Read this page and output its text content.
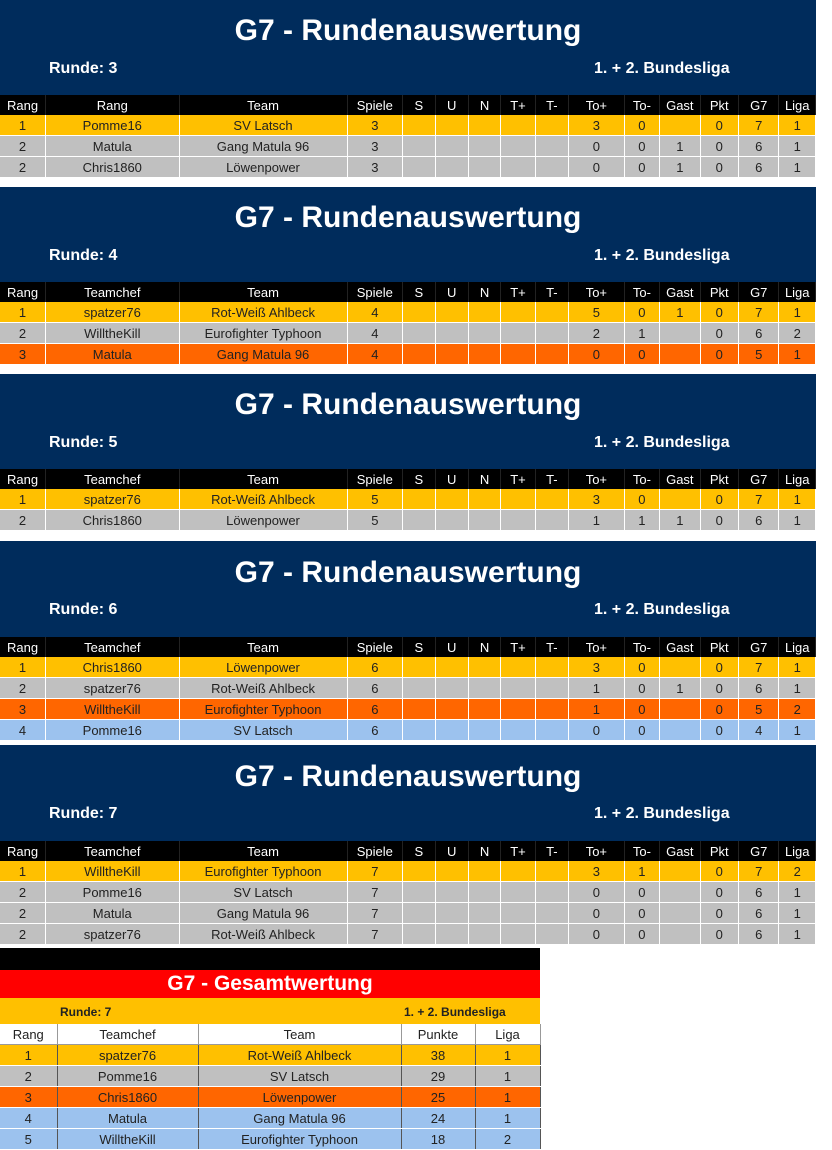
G7 - Rundenauswertung
Runde: 3	1. + 2. Bundesliga
Rang	Rang	Team	Spiele	S	U	N	T+	T-	To+	To-	Gast	Pkt	G7	Liga
1	Pomme16	SV Latsch	3						3	0		0	7	1
2	Matula	Gang Matula 96	3						0	0	1	0	6	1
2	Chris1860	Löwenpower	3						0	0	1	0	6	1
G7 - Rundenauswertung
Runde: 4	1. + 2. Bundesliga
Rang	Teamchef	Team	Spiele	S	U	N	T+	T-	To+	To-	Gast	Pkt	G7	Liga
1	spatzer76	Rot-Weiß Ahlbeck	4						5	0	1	0	7	1
2	WilltheKill	Eurofighter Typhoon	4						2	1		0	6	2
3	Matula	Gang Matula 96	4						0	0		0	5	1
G7 - Rundenauswertung
Runde: 5	1. + 2. Bundesliga
Rang	Teamchef	Team	Spiele	S	U	N	T+	T-	To+	To-	Gast	Pkt	G7	Liga
1	spatzer76	Rot-Weiß Ahlbeck	5						3	0		0	7	1
2	Chris1860	Löwenpower	5						1	1	1	0	6	1
G7 - Rundenauswertung
Runde: 6	1. + 2. Bundesliga
Rang	Teamchef	Team	Spiele	S	U	N	T+	T-	To+	To-	Gast	Pkt	G7	Liga
1	Chris1860	Löwenpower	6						3	0		0	7	1
2	spatzer76	Rot-Weiß Ahlbeck	6						1	0	1	0	6	1
3	WilltheKill	Eurofighter Typhoon	6						1	0		0	5	2
4	Pomme16	SV Latsch	6						0	0		0	4	1
G7 - Rundenauswertung
Runde: 7	1. + 2. Bundesliga
Rang	Teamchef	Team	Spiele	S	U	N	T+	T-	To+	To-	Gast	Pkt	G7	Liga
1	WilltheKill	Eurofighter Typhoon	7						3	1		0	7	2
2	Pomme16	SV Latsch	7						0	0		0	6	1
2	Matula	Gang Matula 96	7						0	0		0	6	1
2	spatzer76	Rot-Weiß Ahlbeck	7						0	0		0	6	1
G7 - Gesamtwertung
Runde: 7	1. + 2. Bundesliga
Rang	Teamchef	Team	Punkte	Liga
1	spatzer76	Rot-Weiß Ahlbeck	38	1
2	Pomme16	SV Latsch	29	1
3	Chris1860	Löwenpower	25	1
4	Matula	Gang Matula 96	24	1
5	WilltheKill	Eurofighter Typhoon	18	2
